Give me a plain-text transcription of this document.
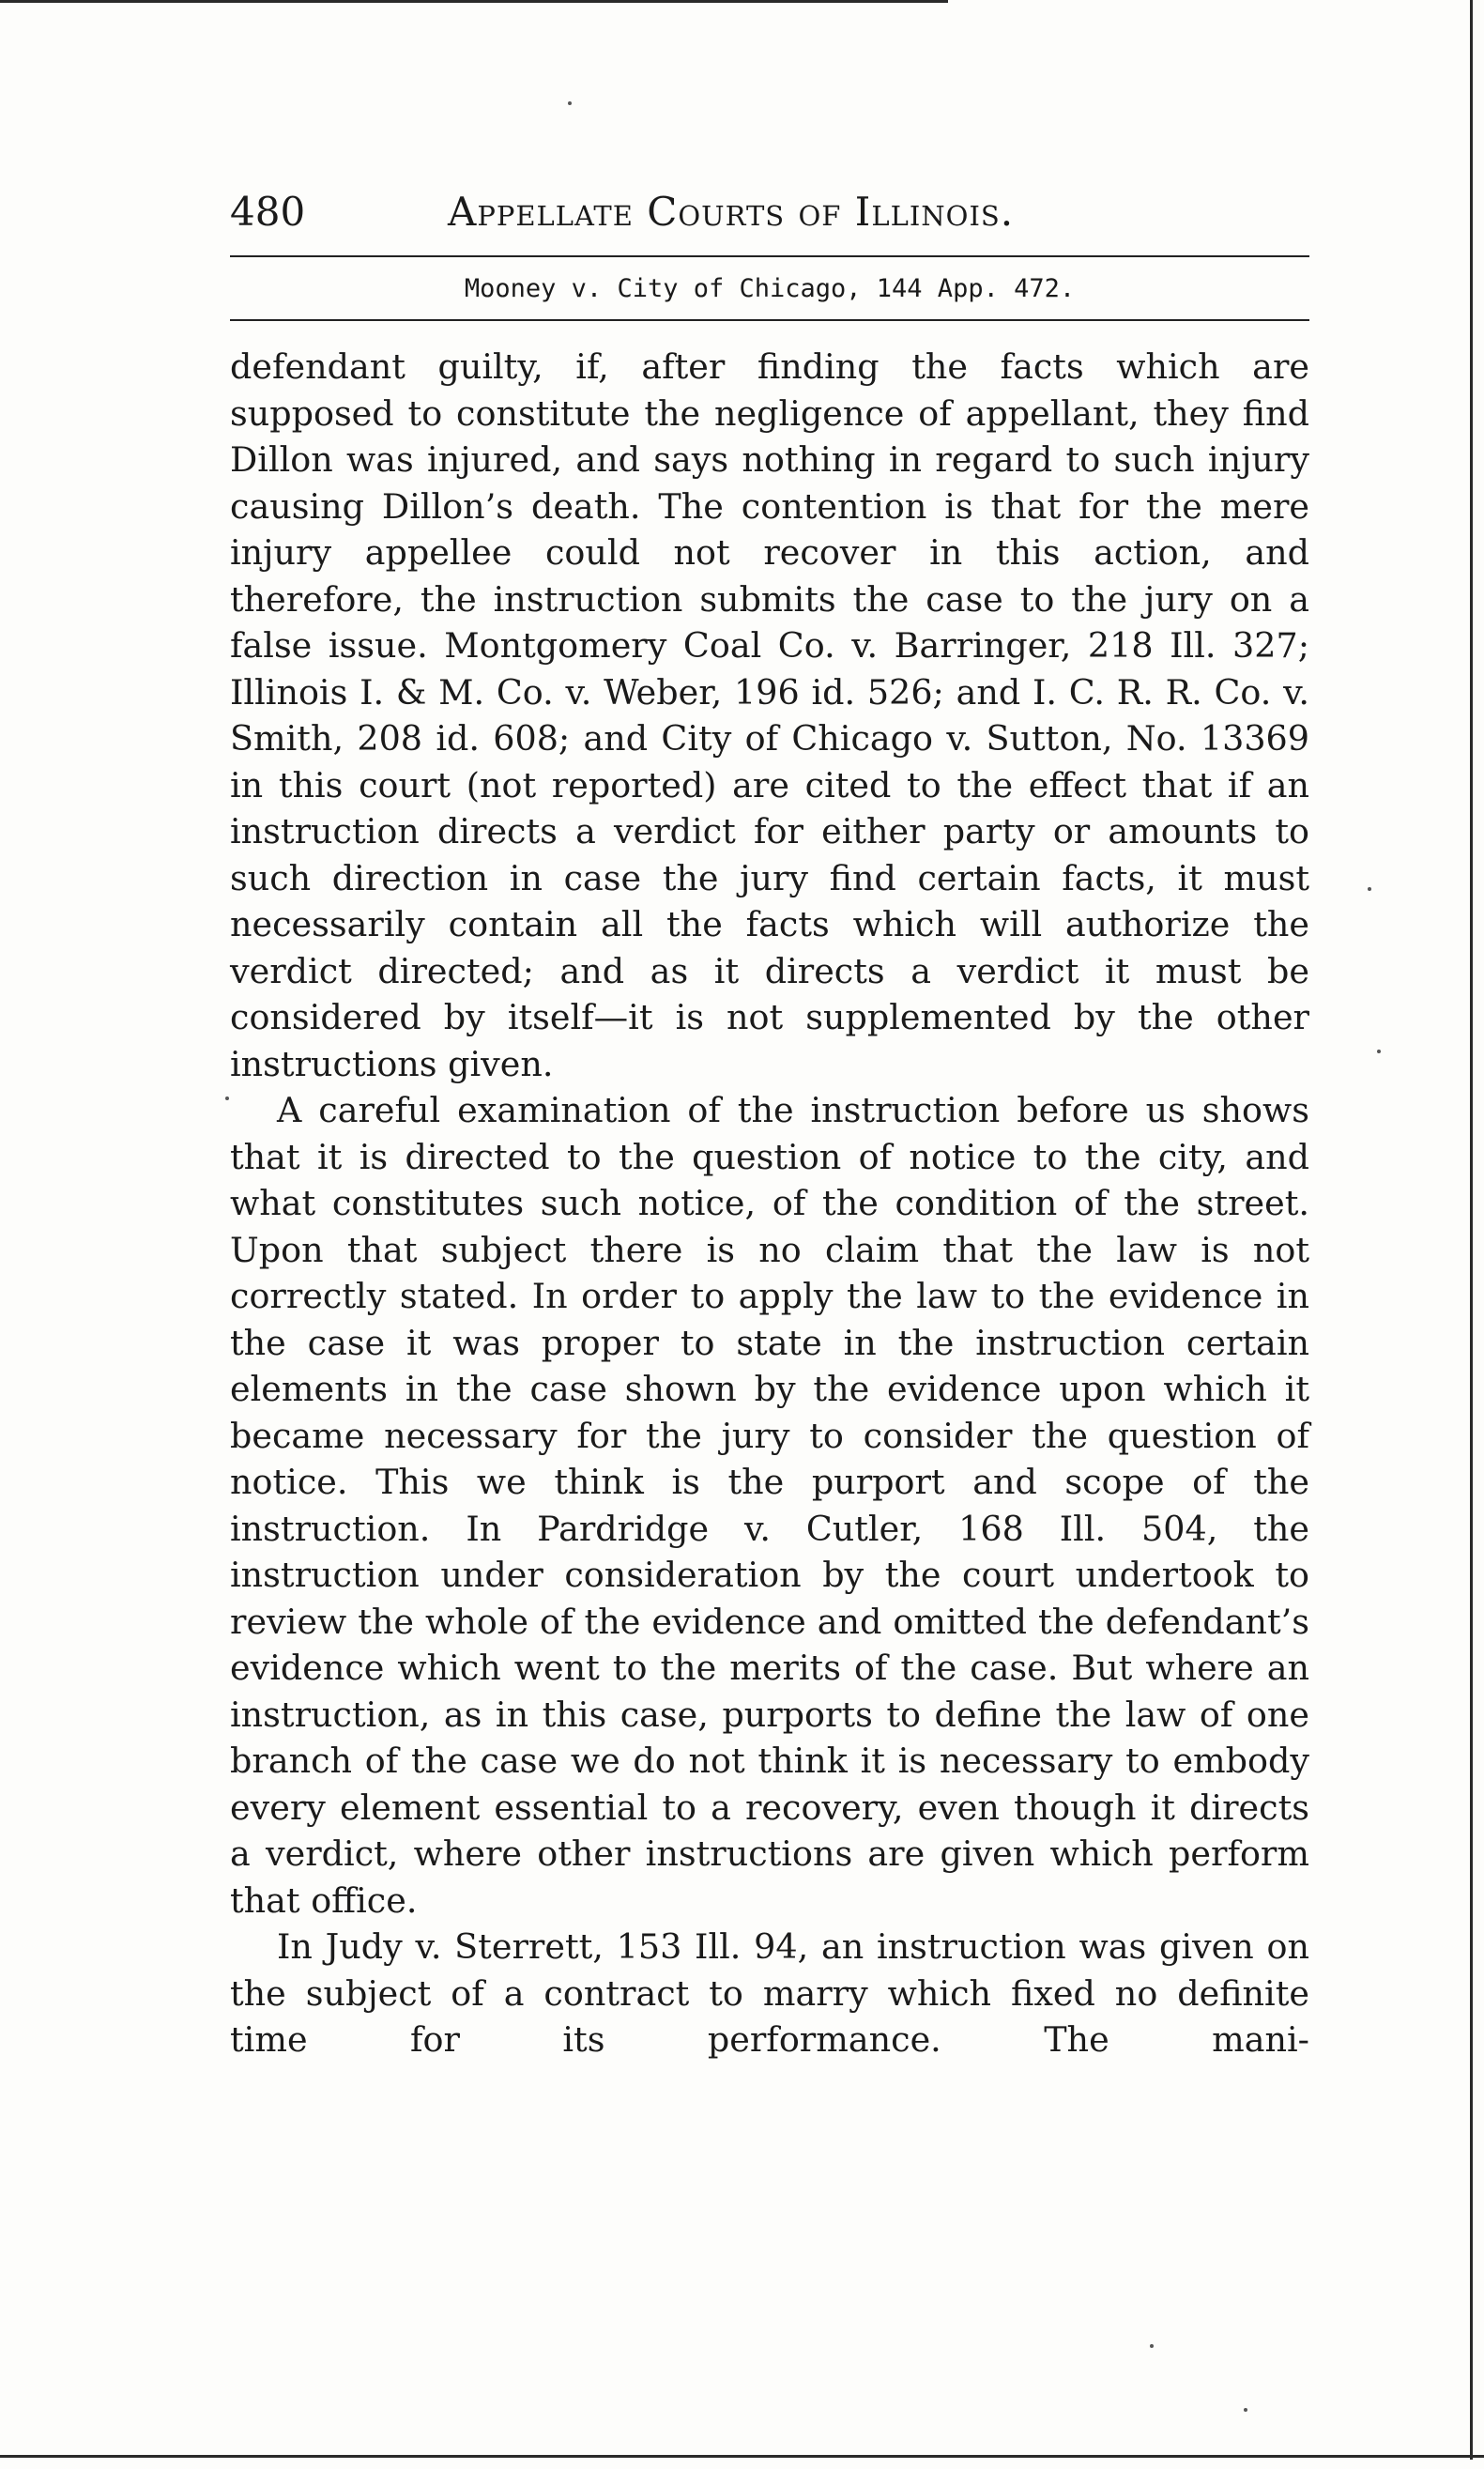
480	Appellate Courts of Illinois.
Mooney v. City of Chicago, 144 App. 472.

defendant guilty, if, after finding the facts which are supposed to constitute the negligence of appellant, they find Dillon was injured, and says nothing in regard to such injury causing Dillon’s death. The contention is that for the mere injury appellee could not recover in this action, and therefore, the instruction submits the case to the jury on a false issue. Montgomery Coal Co. v. Barringer, 218 Ill. 327; Illinois I. & M. Co. v. Weber, 196 id. 526; and I. C. R. R. Co. v. Smith, 208 id. 608; and City of Chicago v. Sutton, No. 13369 in this court (not reported) are cited to the effect that if an instruction directs a verdict for either party or amounts to such direction in case the jury find certain facts, it must necessarily contain all the facts which will authorize the verdict directed; and as it directs a verdict it must be considered by itself—it is not supplemented by the other instructions given.

A careful examination of the instruction before us shows that it is directed to the question of notice to the city, and what constitutes such notice, of the condition of the street. Upon that subject there is no claim that the law is not correctly stated. In order to apply the law to the evidence in the case it was proper to state in the instruction certain elements in the case shown by the evidence upon which it became necessary for the jury to consider the question of notice. This we think is the purport and scope of the instruction. In Pardridge v. Cutler, 168 Ill. 504, the instruction under consideration by the court undertook to review the whole of the evidence and omitted the defendant’s evidence which went to the merits of the case. But where an instruction, as in this case, purports to define the law of one branch of the case we do not think it is necessary to embody every element essential to a recovery, even though it directs a verdict, where other instructions are given which perform that office.

In Judy v. Sterrett, 153 Ill. 94, an instruction was given on the subject of a contract to marry which fixed no definite time for its performance. The mani-
